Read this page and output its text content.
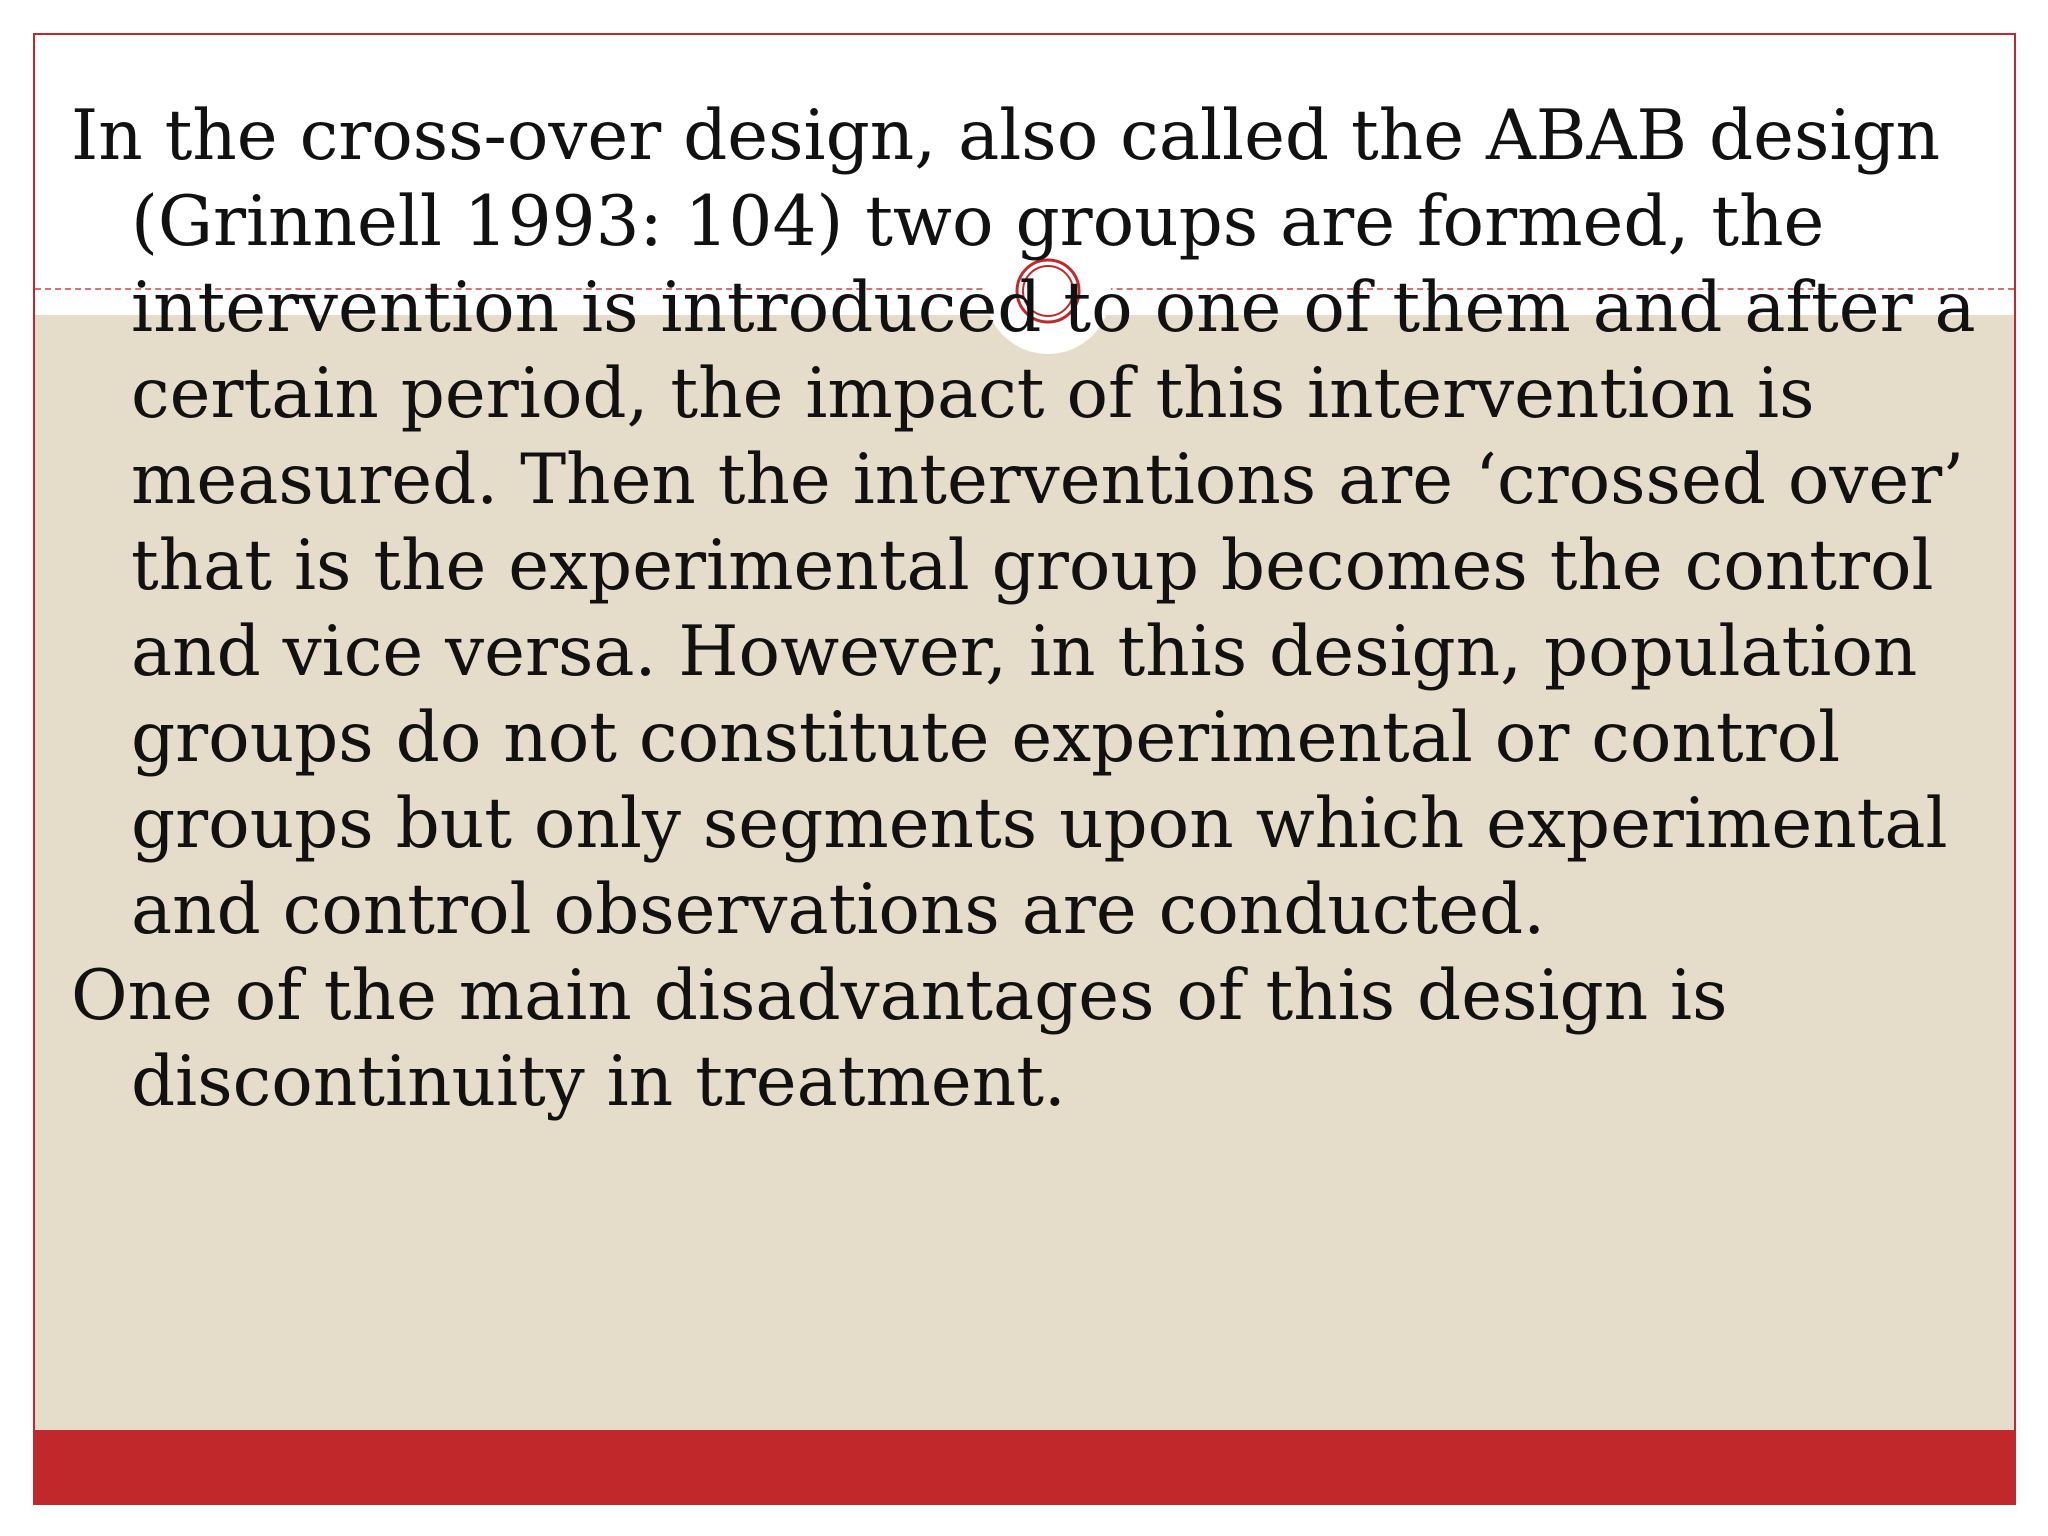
In the cross-over design, also called the ABAB design (Grinnell 1993: 104) two groups are formed, the intervention is introduced to one of them and after a certain period, the impact of this intervention is measured. Then the interventions are ‘crossed over’ that is the experimental group becomes the control and vice versa. However, in this design, population groups do not constitute experimental or control groups but only segments upon which experimental and control observations are conducted.
One of the main disadvantages of this design is discontinuity in treatment.
